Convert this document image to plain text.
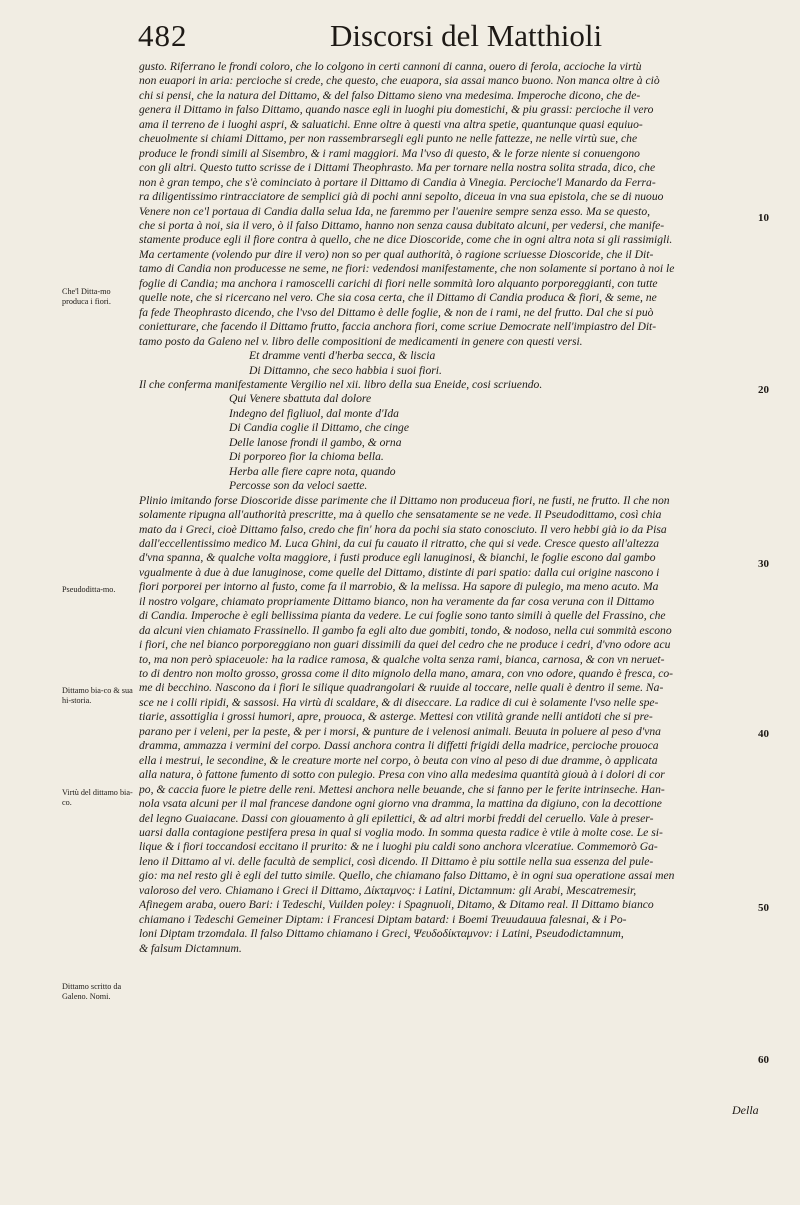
482	Discorsi del Matthioli
gusto. Riferrano le frondi coloro, che lo colgono in certi cannoni di canna, ouero di ferola, accioche la virtù
non euapori in aria: percioche si crede, che questo, che euapora, sia assai manco buono. Non manca oltre à ciò
chi si pensi, che la natura del Dittamo, & del falso Dittamo sieno vna medesima. Imperoche dicono, che de-
genera il Dittamo in falso Dittamo, quando nasce egli in luoghi piu domestichi, & piu grassi: percioche il vero
ama il terreno de i luoghi aspri, & saluatichi. Enne oltre à questi vna altra spetie, quantunque quasi equiuo-
cheuolmente si chiami Dittamo, per non rassembrarsegli egli punto ne nelle fattezze, ne nelle virtù sue, che
produce le frondi simili al Sisembro, & i rami maggiori. Ma l'vso di questo, & le forze niente si conuengono
con gli altri. Questo tutto scrisse de i Dittami Theophrasto. Ma per tornare nella nostra solita strada, dico, che
non è gran tempo, che s'è cominciato à portare il Dittamo di Candia à Vinegia. Percioche'l Manardo da Ferra-
ra diligentissimo rintracciatore de semplici già di pochi anni sepolto, diceua in vna sua epistola, che se di nuouo
Venere non ce'l portaua di Candia dalla selua Ida, ne faremmo per l'auenire sempre senza esso. Ma se questo,
che si porta à noi, sia il vero, ò il falso Dittamo, hanno non senza causa dubitato alcuni, per vedersi, che manife-
stamente produce egli il fiore contra à quello, che ne dice Dioscoride, come che in ogni altra nota si gli rassimigli.
Ma certamente (volendo pur dire il vero) non so per qual authorità, ò ragione scriuesse Dioscoride, che il Dit-
tamo di Candia non producesse ne seme, ne fiori: vedendosi manifestamente, che non solamente si portano à noi le
foglie di Candia; ma anchora i ramoscelli carichi di fiori nelle sommità loro alquanto porporeggianti, con tutte
quelle note, che si ricercano nel vero. Che sia cosa certa, che il Dittamo di Candia produca & fiori, & seme, ne
fa fede Theophrasto dicendo, che l'vso del Dittamo è delle foglie, & non de i rami, ne del frutto. Dal che si può
conietturare, che facendo il Dittamo frutto, faccia anchora fiori, come scriue Democrate nell'impiastro del Dit-
tamo posto da Galeno nel v. libro delle compositioni de medicamenti in genere con questi versi.
Et dramme venti d'herba secca, & liscia
Di Dittamno, che seco habbia i suoi fiori.
Il che conferma manifestamente Vergilio nel xii. libro della sua Eneide, cosi scriuendo.
Qui Venere sbattuta dal dolore
Indegno del figliuol, dal monte d'Ida
Di Candia coglie il Dittamo, che cinge
Delle lanose frondi il gambo, & orna
Di porporeo fior la chioma bella.
Herba alle fiere capre nota, quando
Percosse son da veloci saette.
Plinio imitando forse Dioscoride disse parimente che il Dittamo non produceua fiori, ne fusti, ne frutto. Il che non
solamente ripugna all'authorità prescritte, ma à quello che sensatamente se ne vede. Il Pseudodittamo, così chia
mato da i Greci, cioè Dittamo falso, credo che fin' hora da pochi sia stato conosciuto. Il vero hebbi già io da Pisa
dall'eccellentissimo medico M. Luca Ghini, da cui fu cauato il ritratto, che qui si vede. Cresce questo all'altezza
d'vna spanna, & qualche volta maggiore, i fusti produce egli lanuginosi, & bianchi, le foglie escono dal gambo
vgualmente à due à due lanuginose, come quelle del Dittamo, distinte di pari spatio: dalla cui origine nascono i
fiori porporei per intorno al fusto, come fa il marrobio, & la melissa. Ha sapore di pulegio, ma meno acuto. Ma
il nostro volgare, chiamato propriamente Dittamo bianco, non ha veramente da far cosa veruna con il Dittamo
di Candia. Imperoche è egli bellissima pianta da vedere. Le cui foglie sono tanto simili à quelle del Frassino, che
da alcuni vien chiamato Frassinello. Il gambo fa egli alto due gombiti, tondo, & nodoso, nella cui sommità escono
i fiori, che nel bianco porporeggiano non guari dissimili da quei del cedro che ne produce i cedri, d'vno odore acu
to, ma non però spiaceuole: ha la radice ramosa, & qualche volta senza rami, bianca, carnosa, & con vn neruet-
to di dentro non molto grosso, grossa come il dito mignolo della mano, amara, con vno odore, quando è fresca, co-
me di becchino. Nascono da i fiori le silique quadrangolari & ruuide al toccare, nelle quali è dentro il seme. Na-
sce ne i colli ripidi, & sassosi. Ha virtù di scaldare, & di diseccare. La radice di cui è solamente l'vso nelle spe-
tiarie, assottiglia i grossi humori, apre, prouoca, & asterge. Mettesi con vtilità grande nelli antidoti che si pre-
parano per i veleni, per la peste, & per i morsi, & punture de i velenosi animali. Beuuta in poluere al peso d'vna
dramma, ammazza i vermini del corpo. Dassi anchora contra li diffetti frigidi della madrice, percioche prouoca
ella i mestrui, le secondine, & le creature morte nel corpo, ò beuta con vino al peso di due dramme, ò applicata
alla natura, ò fattone fumento di sotto con pulegio. Presa con vino alla medesima quantità giouà à i dolori di cor
po, & caccia fuore le pietre delle reni. Mettesi anchora nelle beuande, che si fanno per le ferite intrinseche. Han-
nola vsata alcuni per il mal francese dandone ogni giorno vna dramma, la mattina da digiuno, con la decottione
del legno Guaiacane. Dassi con giouamento à gli epilettici, & ad altri morbi freddi del ceruello. Vale à preser-
uarsi dalla contagione pestifera presa in qual si voglia modo. In somma questa radice è vtile à molte cose. Le si-
lique & i fiori toccandosi eccitano il prurito: & ne i luoghi piu caldi sono anchora vlceratiue. Commemorò Ga-
leno il Dittamo al vi. delle facultà de semplici, così dicendo. Il Dittamo è piu sottile nella sua essenza del pule-
gio: ma nel resto gli è egli del tutto simile. Quello, che chiamano falso Dittamo, è in ogni sua operatione assai men
valoroso del vero. Chiamano i Greci il Dittamo, Δίκταμνος: i Latini, Dictamnum: gli Arabi, Mescatremesir,
Afinegem araba, ouero Bari: i Tedeschi, Vuilden poley: i Spagnuoli, Ditamo, & Ditamo real. Il Dittamo bianco
chiamano i Tedeschi Gemeiner Diptam: i Francesi Diptam batard: i Boemi Treuudauua falesnai, & i Po-
loni Diptam trzomdala. Il falso Dittamo chiamano i Greci, Ψευδοδίκταμνον: i Latini, Pseudodictamnum,
& falsum Dictamnum.
Che'l Ditta-mo produca i fiori.
Pseudoditta-mo.
Dittamo bia-co & sua hi-storia.
Virtù del dittamo bia-co.
Dittamo scritto da Galeno. Nomi.
10
20
30
40
50
60
Della
